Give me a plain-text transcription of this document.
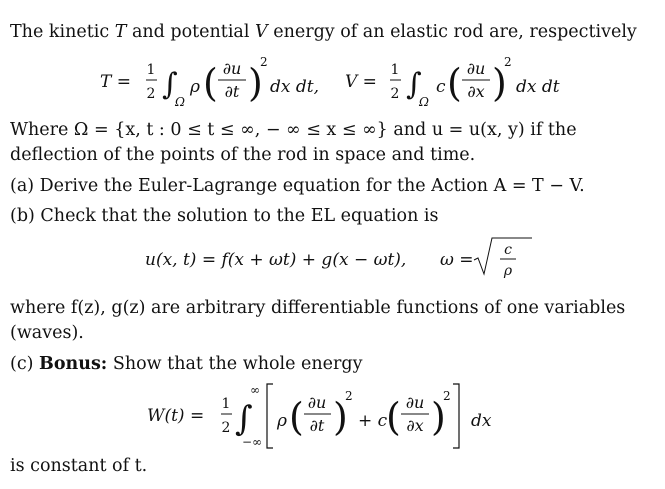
The kinetic T and potential V energy of an elastic rod are, respectively
T =
1
2 ∫
Ω
ρ ( ∂u
∂t )
2
dx dt, V =
1
2 ∫
Ω
c ( ∂u
∂x )
2
dx dt
Where Ω = {x, t : 0 ≤ t ≤ ∞, − ∞ ≤ x ≤ ∞} and u = u(x, y) if the
deflection of the points of the rod in space and time.
(a) Derive the Euler-Lagrange equation for the Action A = T − V.
(b) Check that the solution to the EL equation is
u(x, t) = f(x + ωt) + g(x − ωt), ω = c
ρ
where f(z), g(z) are arbitrary differentiable functions of one variables
(waves).
(c) Bonus: Show that the whole energy
W(t) =
1
2 ∫
∞
−∞
ρ ( ∂u
∂t )
2
+ c
( ∂u
∂x )
2
dx
is constant of t.
